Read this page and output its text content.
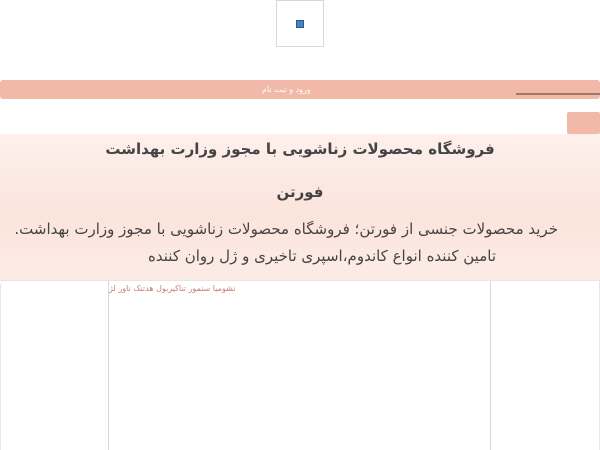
ورود و ثبت نام
فروشگاه محصولات زناشویی با مجوز وزارت بهداشت
فورتن

خرید محصولات جنسی از فورتن؛ فروشگاه محصولات زناشویی با مجوز وزارت بهداشت.

تامین کننده انواع کاندوم،اسپری تاخیری و ژل روان کننده

نشومیا سنمور تناکیربول هدتنک ناور لژ
